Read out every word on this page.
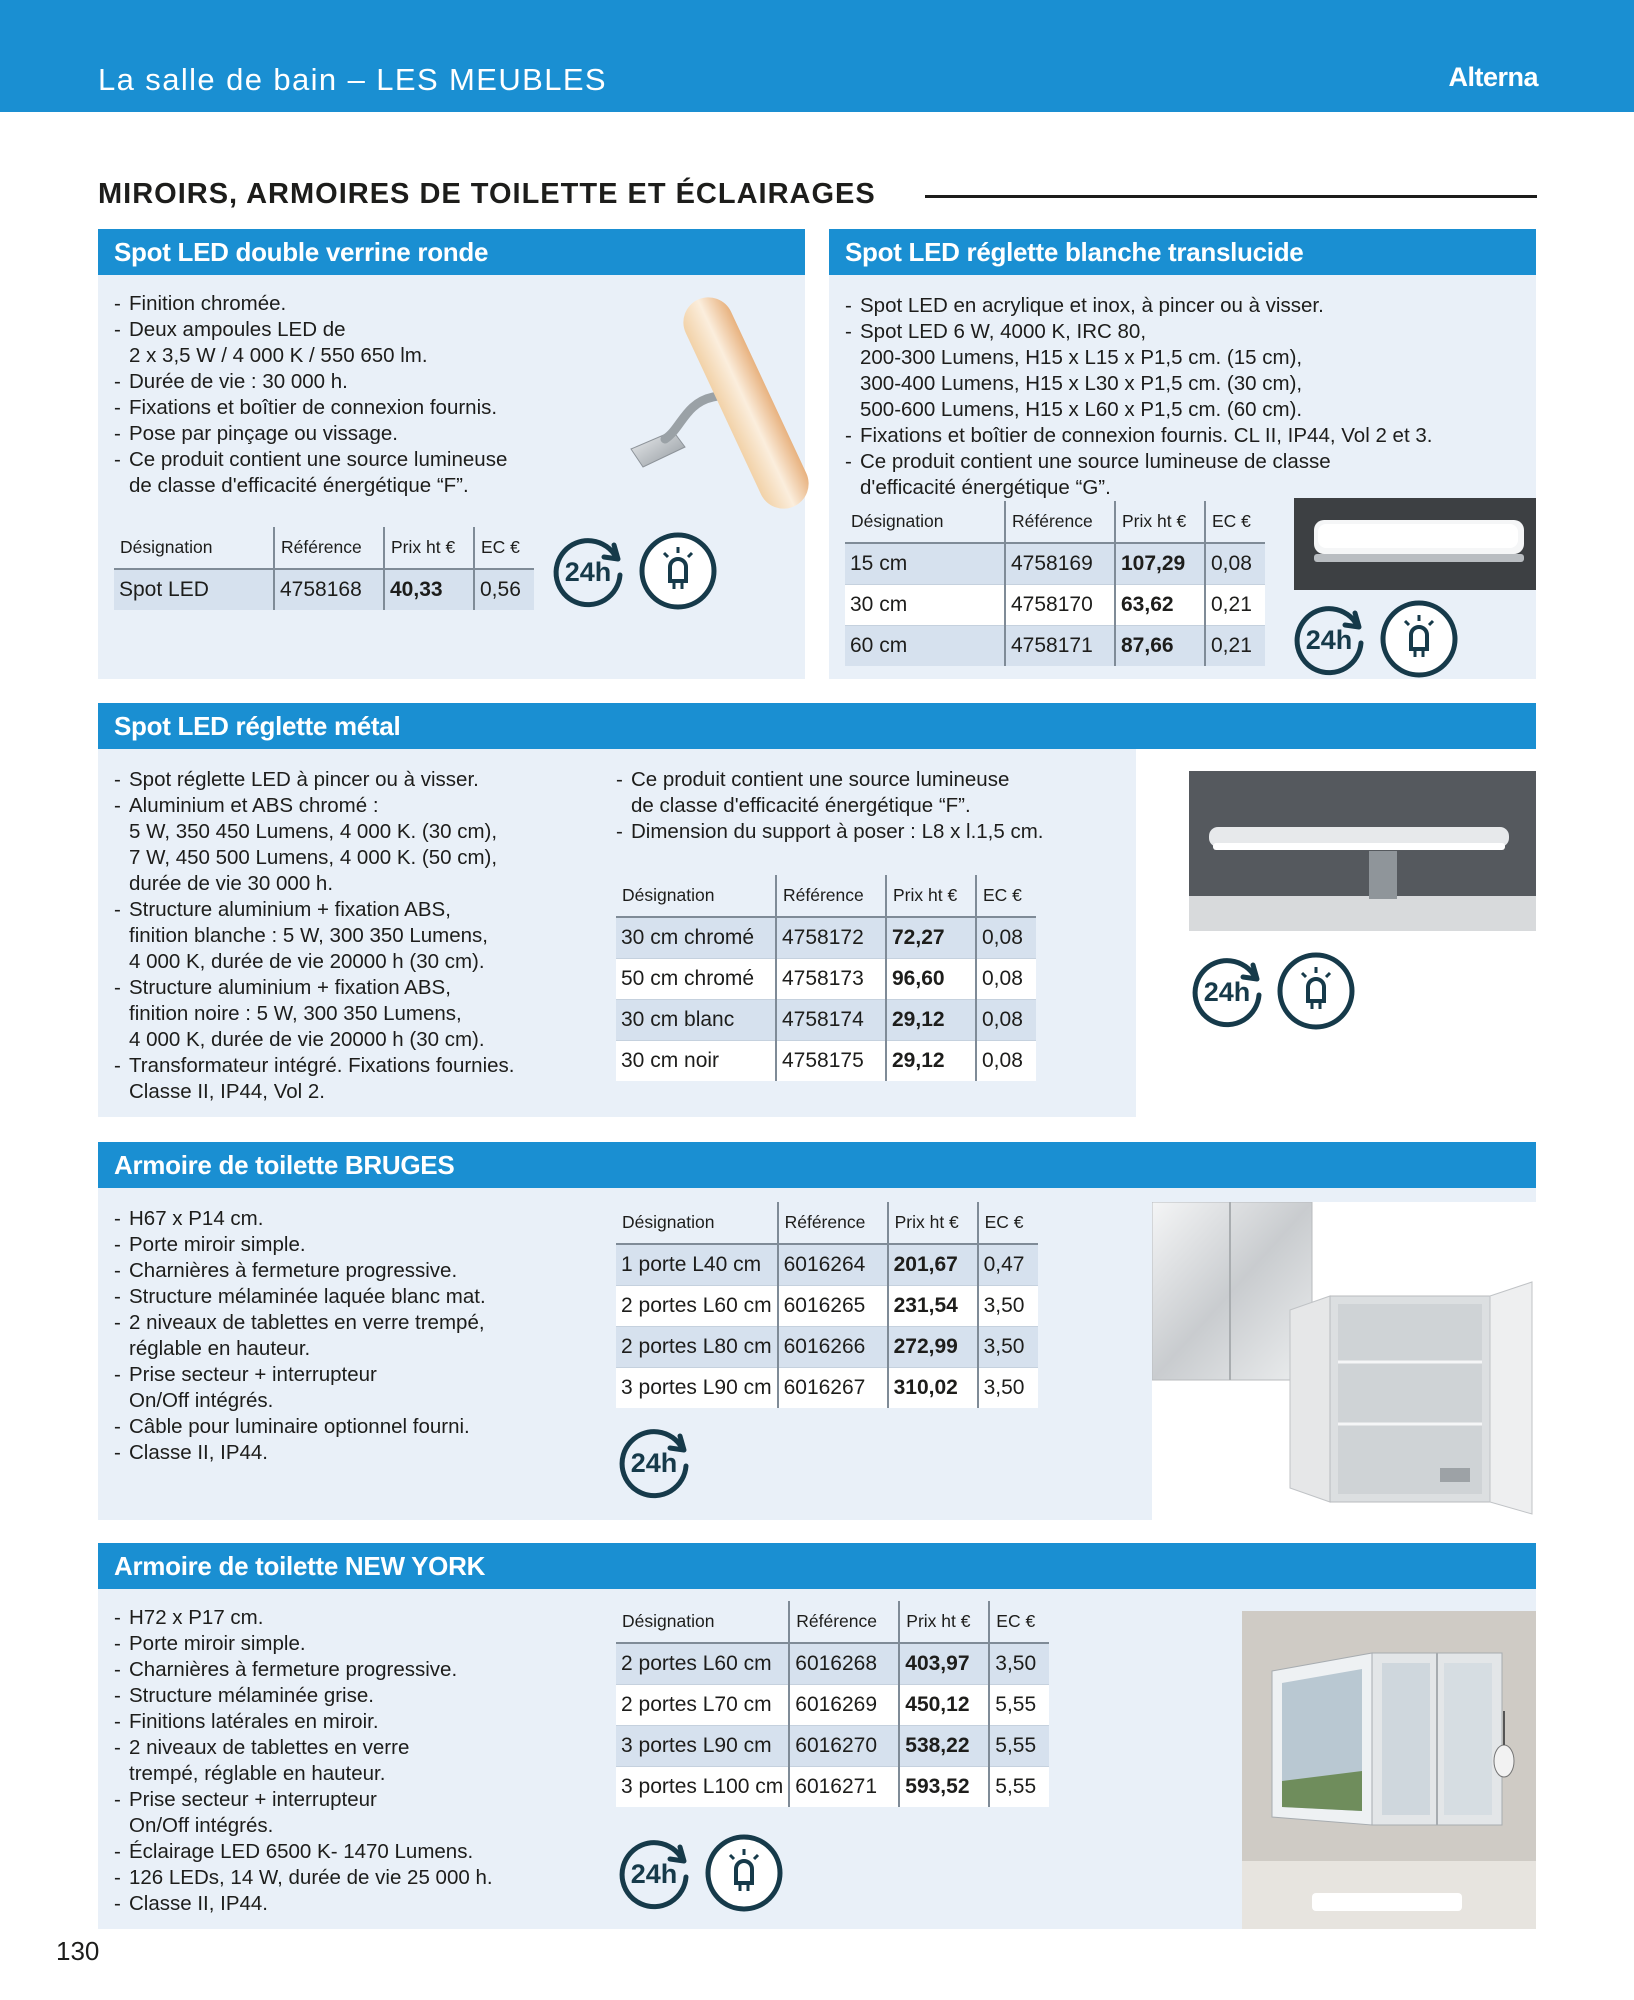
La salle de bain – LES MEUBLES	Alterna
MIROIRS, ARMOIRES DE TOILETTE ET ÉCLAIRAGES
Spot LED double verrine ronde
- Finition chromée.
- Deux ampoules LED de
2 x 3,5 W / 4 000 K / 550 650 lm.
- Durée de vie : 30 000 h.
- Fixations et boîtier de connexion fournis.
- Pose par pinçage ou vissage.
- Ce produit contient une source lumineuse
de classe d'efficacité énergétique “F”.
Désignation	Référence	Prix ht €	EC €
Spot LED	4758168	40,33	0,56
24h
Spot LED réglette blanche translucide
- Spot LED en acrylique et inox, à pincer ou à visser.
- Spot LED 6 W, 4000 K, IRC 80,
200-300 Lumens, H15 x L15 x P1,5 cm. (15 cm),
300-400 Lumens, H15 x L30 x P1,5 cm. (30 cm),
500-600 Lumens, H15 x L60 x P1,5 cm. (60 cm).
- Fixations et boîtier de connexion fournis. CL II, IP44, Vol 2 et 3.
- Ce produit contient une source lumineuse de classe
d'efficacité énergétique “G”.
Désignation	Référence	Prix ht €	EC €
15 cm	4758169	107,29	0,08
30 cm	4758170	63,62	0,21
60 cm	4758171	87,66	0,21 24h
Spot LED réglette métal
- Spot réglette LED à pincer ou à visser.
- Aluminium et ABS chromé :
5 W, 350 450 Lumens, 4 000 K. (30 cm),
7 W, 450 500 Lumens, 4 000 K. (50 cm),
durée de vie 30 000 h.
- Structure aluminium + fixation ABS,
finition blanche : 5 W, 300 350 Lumens,
4 000 K, durée de vie 20000 h (30 cm).
- Structure aluminium + fixation ABS,
finition noire : 5 W, 300 350 Lumens,
4 000 K, durée de vie 20000 h (30 cm).
- Transformateur intégré. Fixations fournies.
Classe II, IP44, Vol 2.
- Ce produit contient une source lumineuse
de classe d'efficacité énergétique “F”.
- Dimension du support à poser : L8 x l.1,5 cm.
Désignation	Référence	Prix ht €	EC €
30 cm chromé	4758172	72,27	0,08
50 cm chromé	4758173	96,60	0,08
30 cm blanc	4758174	29,12	0,08
30 cm noir	4758175	29,12	0,08
24h
Armoire de toilette BRUGES
- H67 x P14 cm.
- Porte miroir simple.
- Charnières à fermeture progressive.
- Structure mélaminée laquée blanc mat.
- 2 niveaux de tablettes en verre trempé,
réglable en hauteur.
- Prise secteur + interrupteur
On/Off intégrés.
- Câble pour luminaire optionnel fourni.
- Classe II, IP44.
Désignation	Référence	Prix ht €	EC €
1 porte L40 cm	6016264	201,67	0,47
2 portes L60 cm	6016265	231,54	3,50
2 portes L80 cm	6016266	272,99	3,50
3 portes L90 cm	6016267	310,02	3,50
24h
Armoire de toilette NEW YORK
- H72 x P17 cm.
- Porte miroir simple.
- Charnières à fermeture progressive.
- Structure mélaminée grise.
- Finitions latérales en miroir.
- 2 niveaux de tablettes en verre
trempé, réglable en hauteur.
- Prise secteur + interrupteur
On/Off intégrés.
- Éclairage LED 6500 K- 1470 Lumens.
- 126 LEDs, 14 W, durée de vie 25 000 h.
- Classe II, IP44.
Désignation	Référence	Prix ht €	EC €
2 portes L60 cm	6016268	403,97	3,50
2 portes L70 cm	6016269	450,12	5,55
3 portes L90 cm	6016270	538,22	5,55
3 portes L100 cm	6016271	593,52	5,55
24h
130
